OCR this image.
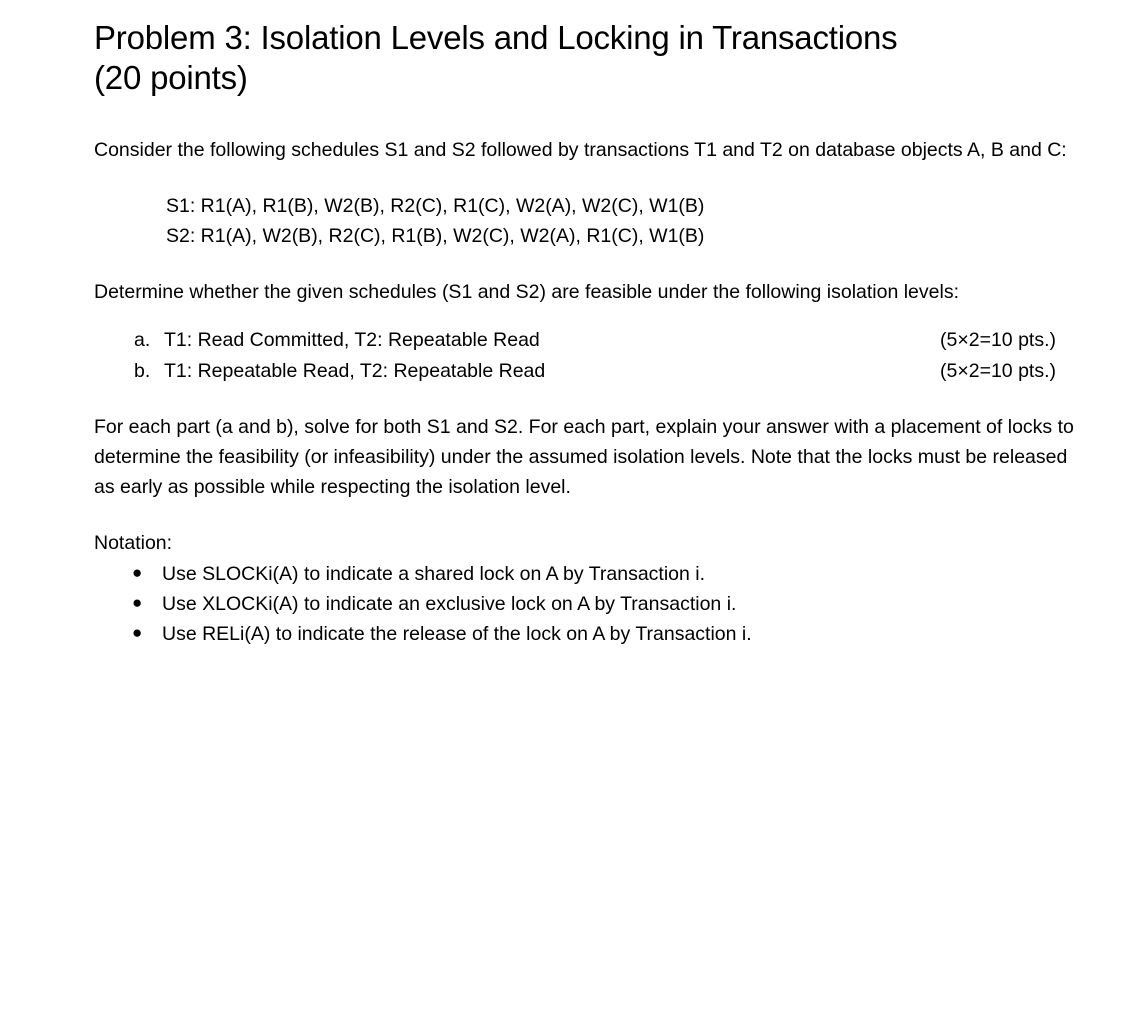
Problem 3: Isolation Levels and Locking in Transactions (20 points)

Consider the following schedules S1 and S2 followed by transactions T1 and T2 on database objects A, B and C:

S1: R1(A), R1(B), W2(B), R2(C), R1(C), W2(A), W2(C), W1(B)
S2: R1(A), W2(B), R2(C), R1(B), W2(C), W2(A), R1(C), W1(B)

Determine whether the given schedules (S1 and S2) are feasible under the following isolation levels:

a. T1: Read Committed, T2: Repeatable Read	(5×2=10 pts.)
b. T1: Repeatable Read, T2: Repeatable Read	(5×2=10 pts.)

For each part (a and b), solve for both S1 and S2. For each part, explain your answer with a placement of locks to determine the feasibility (or infeasibility) under the assumed isolation levels. Note that the locks must be released as early as possible while respecting the isolation level.

Notation:

●	Use SLOCKi(A) to indicate a shared lock on A by Transaction i.
●	Use XLOCKi(A) to indicate an exclusive lock on A by Transaction i.
●	Use RELi(A) to indicate the release of the lock on A by Transaction i.
